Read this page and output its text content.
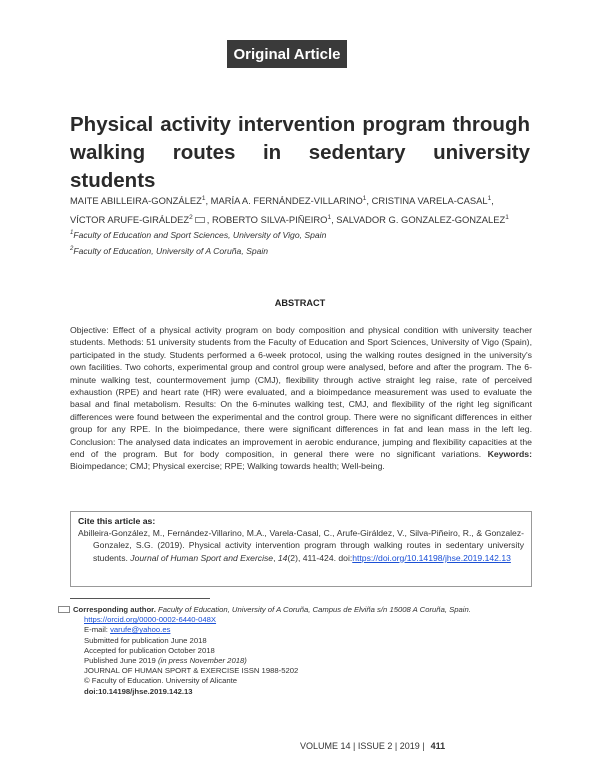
Original Article
Physical activity intervention program through walking routes in sedentary university students
MAITE ABILLEIRA-GONZÁLEZ$^1$, MARÍA A. FERNÁNDEZ-VILLARINO$^1$, CRISTINA VARELA-CASAL$^1$,
VÍCTOR ARUFE-GIRÁLDEZ$^2$ , ROBERTO SILVA-PIÑEIRO$^1$, SALVADOR G. GONZALEZ-GONZALEZ$^1$
$^1$Faculty of Education and Sport Sciences, University of Vigo, Spain
$^2$Faculty of Education, University of A Coruña, Spain
ABSTRACT
Objective: Effect of a physical activity program on body composition and physical condition with university teacher students. Methods: 51 university students from the Faculty of Education and Sport Sciences, University of Vigo (Spain), participated in the study. Students performed a 6-week protocol, using the walking routes designed in the university's own facilities. Two cohorts, experimental group and control group were analysed, before and after the program. The 6-minute walking test, countermovement jump (CMJ), flexibility through active straight leg raise, rate of perceived exhaustion (RPE) and heart rate (HR) were evaluated, and a bioimpedance measurement was used to evaluate the basal and final metabolism. Results: On the 6-minutes walking test, CMJ, and flexibility of the right leg significant differences were found between the experimental and the control group. There were no significant differences in either group for any RPE. In the bioimpedance, there were significant differences in fat and lean mass in the left leg. Conclusion: The analysed data indicates an improvement in aerobic endurance, jumping and flexibility capacities at the end of the program. But for body composition, in general there were no significant variations. Keywords: Bioimpedance; CMJ; Physical exercise; RPE; Walking towards health; Well-being.
Cite this article as:
Abilleira-González, M., Fernández-Villarino, M.A., Varela-Casal, C., Arufe-Giráldez, V., Silva-Piñeiro, R., & Gonzalez-Gonzalez, S.G. (2019). Physical activity intervention program through walking routes in sedentary university students. Journal of Human Sport and Exercise, 14(2), 411-424. doi:https://doi.org/10.14198/jhse.2019.142.13
Corresponding author. Faculty of Education, University of A Coruña, Campus de Elviña s/n 15008 A Coruña, Spain.
https://orcid.org/0000-0002-6440-048X
E-mail: varufe@yahoo.es
Submitted for publication June 2018
Accepted for publication October 2018
Published June 2019 (in press November 2018)
JOURNAL OF HUMAN SPORT & EXERCISE ISSN 1988-5202
© Faculty of Education. University of Alicante
doi:10.14198/jhse.2019.142.13
VOLUME 14 | ISSUE 2 | 2019 | 411
